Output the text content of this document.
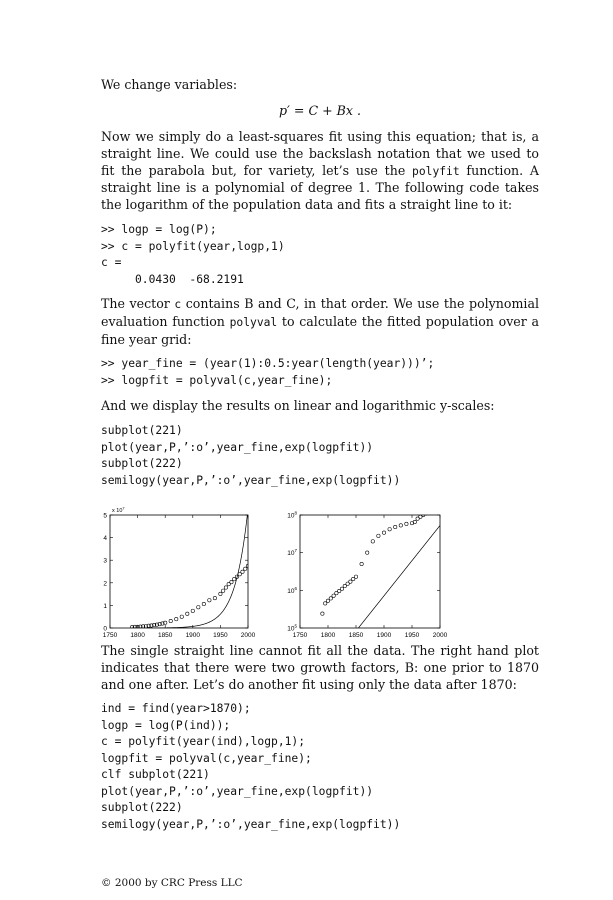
We change variables:

p′ = C + Bx .

Now we simply do a least-squares fit using this equation; that is, a straight line. We could use the backslash notation that we used to fit the parabola but, for variety, let’s use the polyfit function. A straight line is a polynomial of degree 1. The following code takes the logarithm of the population data and fits a straight line to it:

>> logp = log(P);
>> c = polyfit(year,logp,1)
c =
0.0430  -68.2191

The vector c contains B and C, in that order. We use the polynomial evaluation function polyval to calculate the fitted population over a fine year grid:

>> year_fine = (year(1):0.5:year(length(year)))’;
>> logpfit = polyval(c,year_fine);

And we display the results on linear and logarithmic y-scales:

subplot(221)
plot(year,P,’:o’,year_fine,exp(logpfit))
subplot(222)
semilogy(year,P,’:o’,year_fine,exp(logpfit))

The single straight line cannot fit all the data. The right hand plot indicates that there were two growth factors, B: one prior to 1870 and one after. Let’s do another fit using only the data after 1870:

ind = find(year>1870);
logp = log(P(ind));
c = polyfit(year(ind),logp,1);
logpfit = polyval(c,year_fine);
clf subplot(221)
plot(year,P,’:o’,year_fine,exp(logpfit))
subplot(222)
semilogy(year,P,’:o’,year_fine,exp(logpfit))
© 2000 by CRC Press LLC
1750 1800 1850 1900 1950 2000
0
1
2
3
4
5
x $10^7$
1750 1800 1850 1900 1950 2000
$10^5$
$10^6$
$10^7$
$10^8$
